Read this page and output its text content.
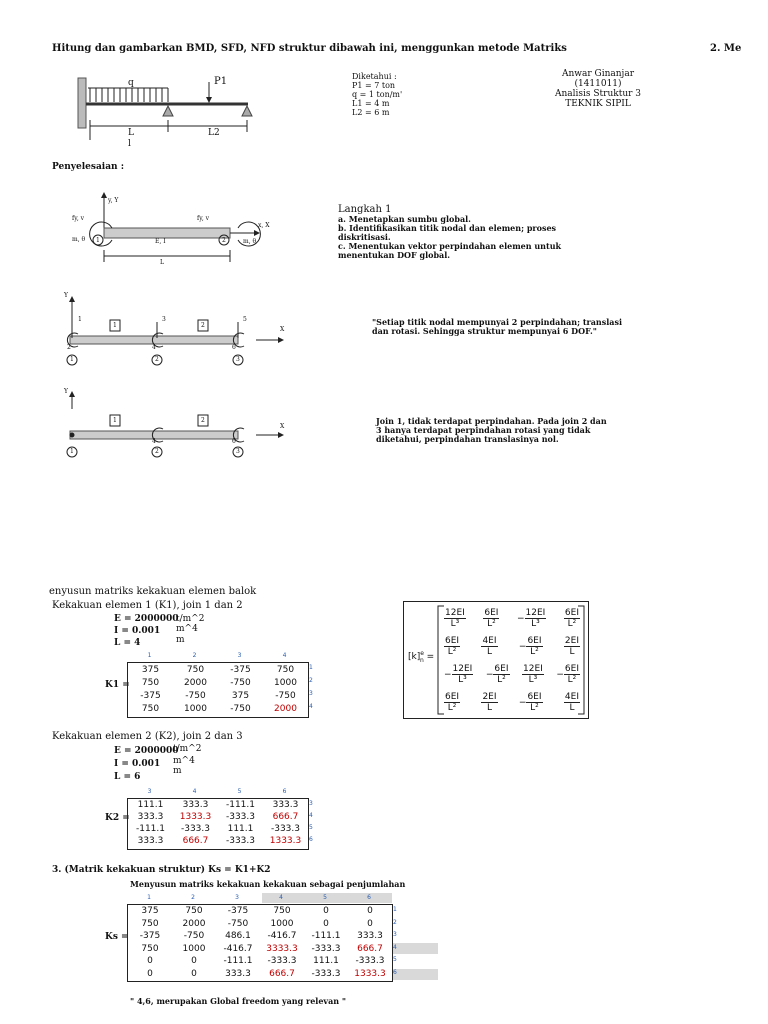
Hitung dan gambarkan BMD, SFD, NFD struktur dibawah ini, menggunkan metode Matriks	2. Me
q	P1
L	L2
l
Diketahui :
P1 = 7 ton
q = 1 ton/m'
L1 = 4 m
L2 = 6 m
Anwar Ginanjar
(1411011)
Analisis Struktur 3
TEKNIK SIPIL
Penyelesaian :
y, Y
x, X
fy, v	fy, v
m, θ	m, θ
E, I
L
1	2
Langkah 1
a. Menetapkan sumbu global.
b. Identifikasikan titik nodal dan elemen; proses
diskritisasi.
c. Menentukan vektor perpindahan elemen untuk
menentukan DOF global.
Y
X
1	2
1
2
3
4
5
6
1	2	3
"Setiap titik nodal mempunyai 2 perpindahan; translasi
dan rotasi. Sehingga struktur mempunyai 6 DOF."
Y
X
1	2
4	6
1	2	3
Join 1, tidak terdapat perpindahan. Pada join 2 dan
3 hanya terdapat perpindahan rotasi yang tidak
diketahui, perpindahan translasinya nol.
enyusun matriks kekakuan elemen balok
Kekakuan elemen 1 (K1), join 1 dan 2
E = 2000000
t/m^2
I = 0.001 m^4
L = 4	m
K1 =
1	2	3	4
375	750	-375	750
750	2000	-750	1000
-375	-750	375	-750
750	1000	-750	2000
1
2
3
4
Kekakuan elemen 2 (K2), join 2 dan 3
E = 2000000
t/m^2
I = 0.001 m^4
L = 6
m
K2 =
3	4	5	6
111.1	333.3	-111.1	333.3
333.3	1333.3	-333.3	666.7
-111.1	-333.3	111.1	-333.3
333.3	666.7	-333.3	1333.3
3
4
5
6
$[k]^e_n$ =
$\frac{12EI}{\text{L³}} \frac{6EI}{\text{L²}} - \frac{12EI}{\text{L³}} \frac{6EI}{\text{L²}}$
$\frac{6EI}{\text{L²}} \frac{4EI}{L} - \frac{6EI}{\text{L²}} \frac{2EI}{L}$
− $\frac{12EI}{\text{L³}} - \frac{6EI}{\text{L²}} \frac{12EI}{\text{L³}} - \frac{6EI}{\text{L²}}$
$\frac{6EI}{\text{L²}} \frac{2EI}{L} - \frac{6EI}{\text{L²}} \frac{4EI}{L}$
3. (Matrik kekakuan struktur) Ks = K1+K2
Menyusun matriks kekakuan kekakuan sebagai penjumlahan
Ks =
1	2	3	4	5	6
375	750	-375	750	0	0
750	2000	-750	1000	0	0
-375	-750	486.1	-416.7	-111.1	333.3
750	1000	-416.7	3333.3	-333.3	666.7
0	0	-111.1	-333.3	111.1	-333.3
0	0	333.3	666.7	-333.3	1333.3
1
2
3
4
5
6
" 4,6, merupakan Global freedom yang relevan "
